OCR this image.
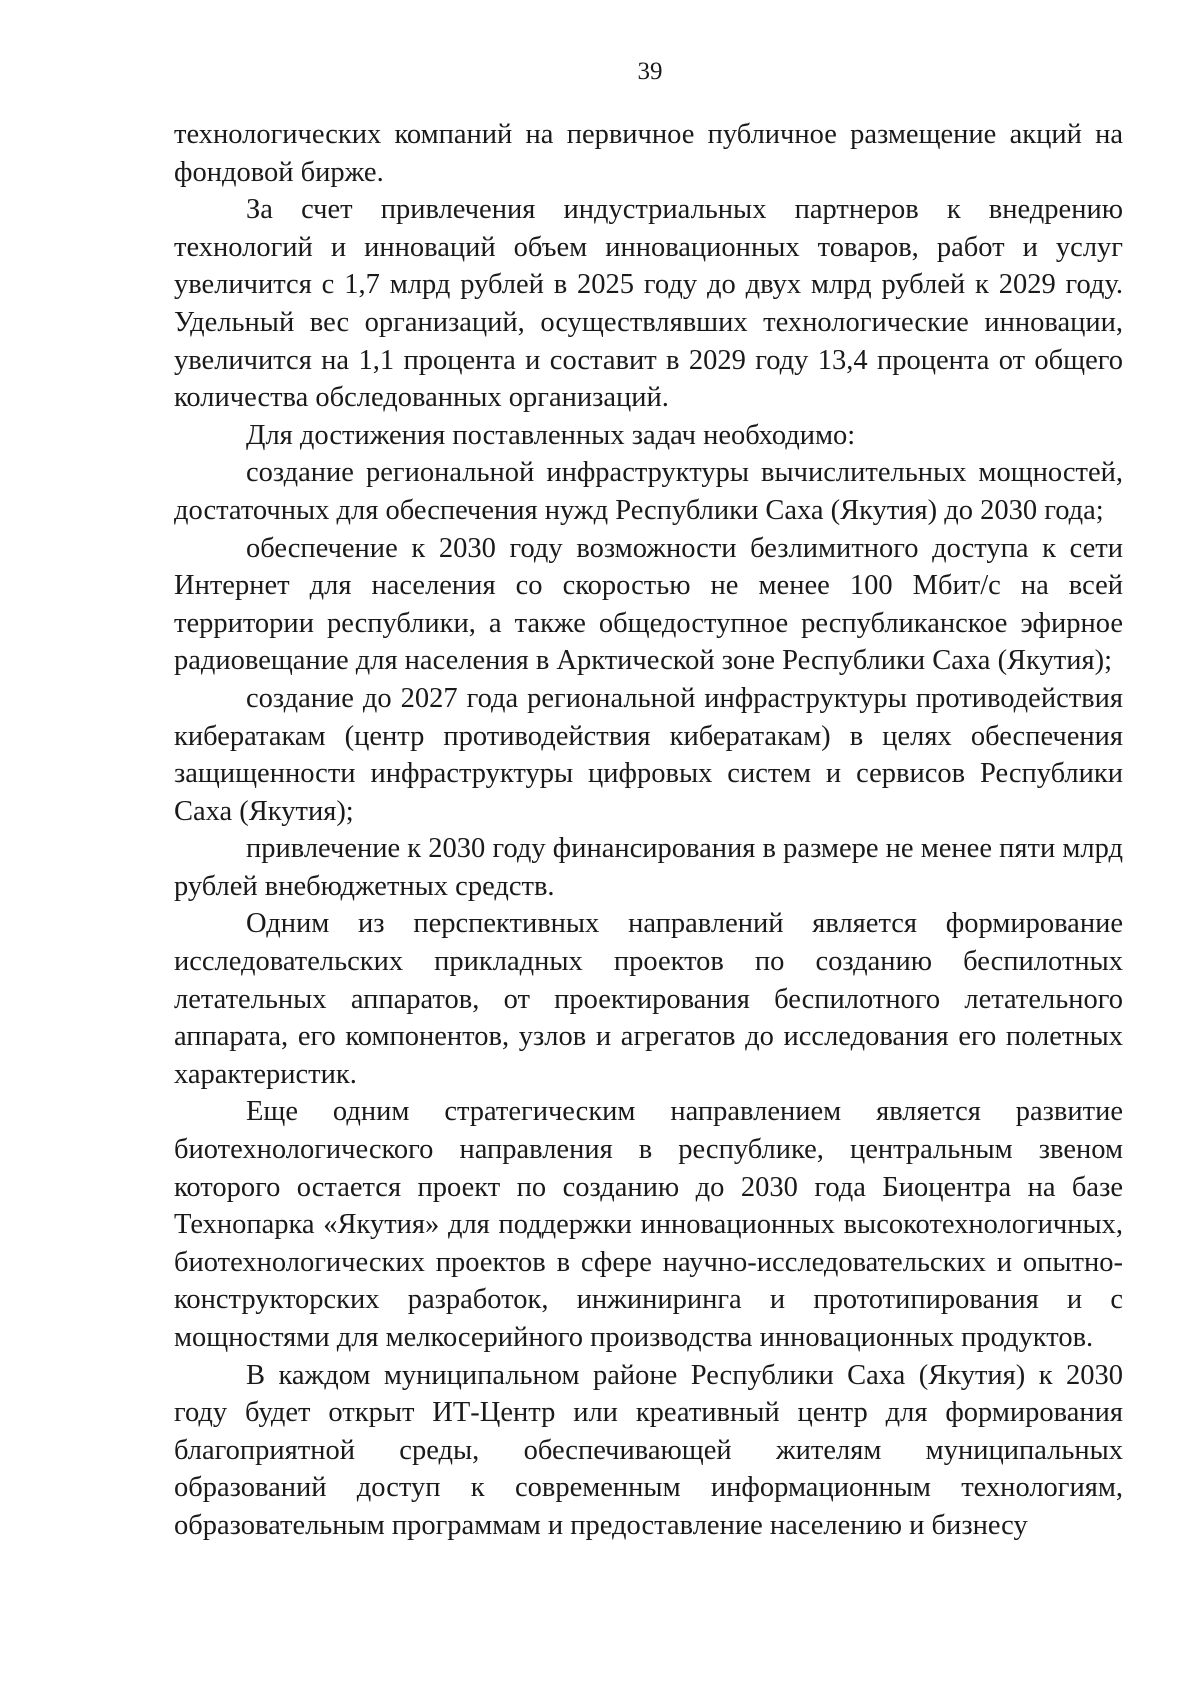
39

технологических компаний на первичное публичное размещение акций на фондовой бирже.

За счет привлечения индустриальных партнеров к внедрению технологий и инноваций объем инновационных товаров, работ и услуг увеличится с 1,7 млрд рублей в 2025 году до двух млрд рублей к 2029 году. Удельный вес организаций, осуществлявших технологические инновации, увеличится на 1,1 процента и составит в 2029 году 13,4 процента от общего количества обследованных организаций.

Для достижения поставленных задач необходимо:

создание региональной инфраструктуры вычислительных мощностей, достаточных для обеспечения нужд Республики Саха (Якутия) до 2030 года;

обеспечение к 2030 году возможности безлимитного доступа к сети Интернет для населения со скоростью не менее 100 Мбит/с на всей территории республики, а также общедоступное республиканское эфирное радиовещание для населения в Арктической зоне Республики Саха (Якутия);

создание до 2027 года региональной инфраструктуры противодействия кибератакам (центр противодействия кибератакам) в целях обеспечения защищенности инфраструктуры цифровых систем и сервисов Республики Саха (Якутия);

привлечение к 2030 году финансирования в размере не менее пяти млрд рублей внебюджетных средств.

Одним из перспективных направлений является формирование исследовательских прикладных проектов по созданию беспилотных летательных аппаратов, от проектирования беспилотного летательного аппарата, его компонентов, узлов и агрегатов до исследования его полетных характеристик.

Еще одним стратегическим направлением является развитие биотехнологического направления в республике, центральным звеном которого остается проект по созданию до 2030 года Биоцентра на базе Технопарка «Якутия» для поддержки инновационных высокотехнологичных, биотехнологических проектов в сфере научно-исследовательских и опытно-конструкторских разработок, инжиниринга и прототипирования и с мощностями для мелкосерийного производства инновационных продуктов.

В каждом муниципальном районе Республики Саха (Якутия) к 2030 году будет открыт ИТ-Центр или креативный центр для формирования благоприятной среды, обеспечивающей жителям муниципальных образований доступ к современным информационным технологиям, образовательным программам и предоставление населению и бизнесу
